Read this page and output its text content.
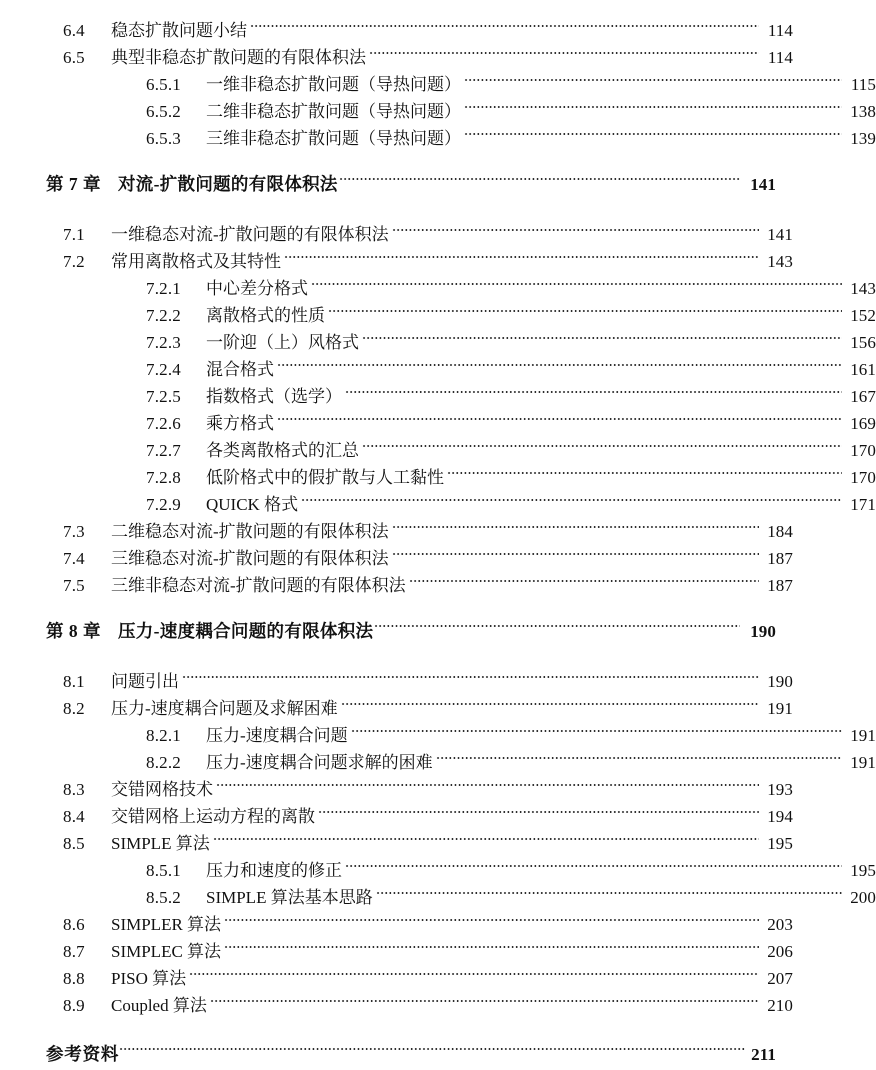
6.4	稳态扩散问题小结	114
6.5	典型非稳态扩散问题的有限体积法	114
6.5.1	一维非稳态扩散问题（导热问题）	115
6.5.2	二维非稳态扩散问题（导热问题）	138
6.5.3	三维非稳态扩散问题（导热问题）	139
第 7 章 对流-扩散问题的有限体积法	141
7.1	一维稳态对流-扩散问题的有限体积法	141
7.2	常用离散格式及其特性	143
7.2.1	中心差分格式	143
7.2.2	离散格式的性质	152
7.2.3	一阶迎（上）风格式	156
7.2.4	混合格式	161
7.2.5	指数格式（选学）	167
7.2.6	乘方格式	169
7.2.7	各类离散格式的汇总	170
7.2.8	低阶格式中的假扩散与人工黏性	170
7.2.9	QUICK 格式	171
7.3	二维稳态对流-扩散问题的有限体积法	184
7.4	三维稳态对流-扩散问题的有限体积法	187
7.5	三维非稳态对流-扩散问题的有限体积法	187
第 8 章 压力-速度耦合问题的有限体积法	190
8.1	问题引出	190
8.2	压力-速度耦合问题及求解困难	191
8.2.1	压力-速度耦合问题	191
8.2.2	压力-速度耦合问题求解的困难	191
8.3	交错网格技术	193
8.4	交错网格上运动方程的离散	194
8.5	SIMPLE 算法	195
8.5.1	压力和速度的修正	195
8.5.2	SIMPLE 算法基本思路	200
8.6	SIMPLER 算法	203
8.7	SIMPLEC 算法	206
8.8	PISO 算法	207
8.9	Coupled 算法	210
参考资料	211
